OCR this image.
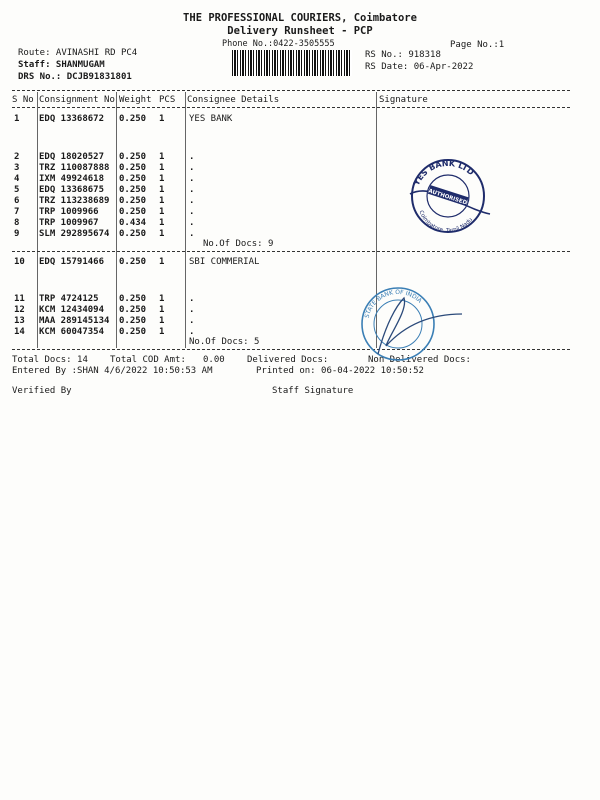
THE PROFESSIONAL COURIERS, Coimbatore
Delivery Runsheet - PCP
Phone No.:0422-3505555	Page No.:1
Route: AVINASHI RD PC4
Staff: SHANMUGAM
DRS No.: DCJB91831801
RS No.: 918318
RS Date: 06-Apr-2022
S No Consignment No Weight PCS Consignee Details	Signature
1 EDQ 13368672 0.250 1	YES BANK
2 EDQ 18020527 0.250 1	.
3 TRZ 110087888 0.250 1	.
4 IXM 49924618 0.250 1	.
5 EDQ 13368675 0.250 1	.
6 TRZ 113238689 0.250 1	.
7 TRP 1009966 0.250 1	.
8 TRP 1009967 0.434 1	.
9 SLM 292895674 0.250 1	.
No.Of Docs: 9
10 EDQ 15791466 0.250 1	SBI COMMERIAL
11 TRP 4724125 0.250 1	.
12 KCM 12434094 0.250 1	.
13 MAA 289145134 0.250 1	.
14 KCM 60047354 0.250 1	.
No.Of Docs: 5
Total Docs: 14 Total COD Amt: 0.00 Delivered Docs:	Non Delivered Docs:
Entered By :SHAN 4/6/2022 10:50:53 AM	Printed on: 06-04-2022 10:50:52
Verified By	Staff Signature
YES BANK LTD
AUTHORISED
Coimbatore, Tamil Nadu
STATE BANK OF INDIA
